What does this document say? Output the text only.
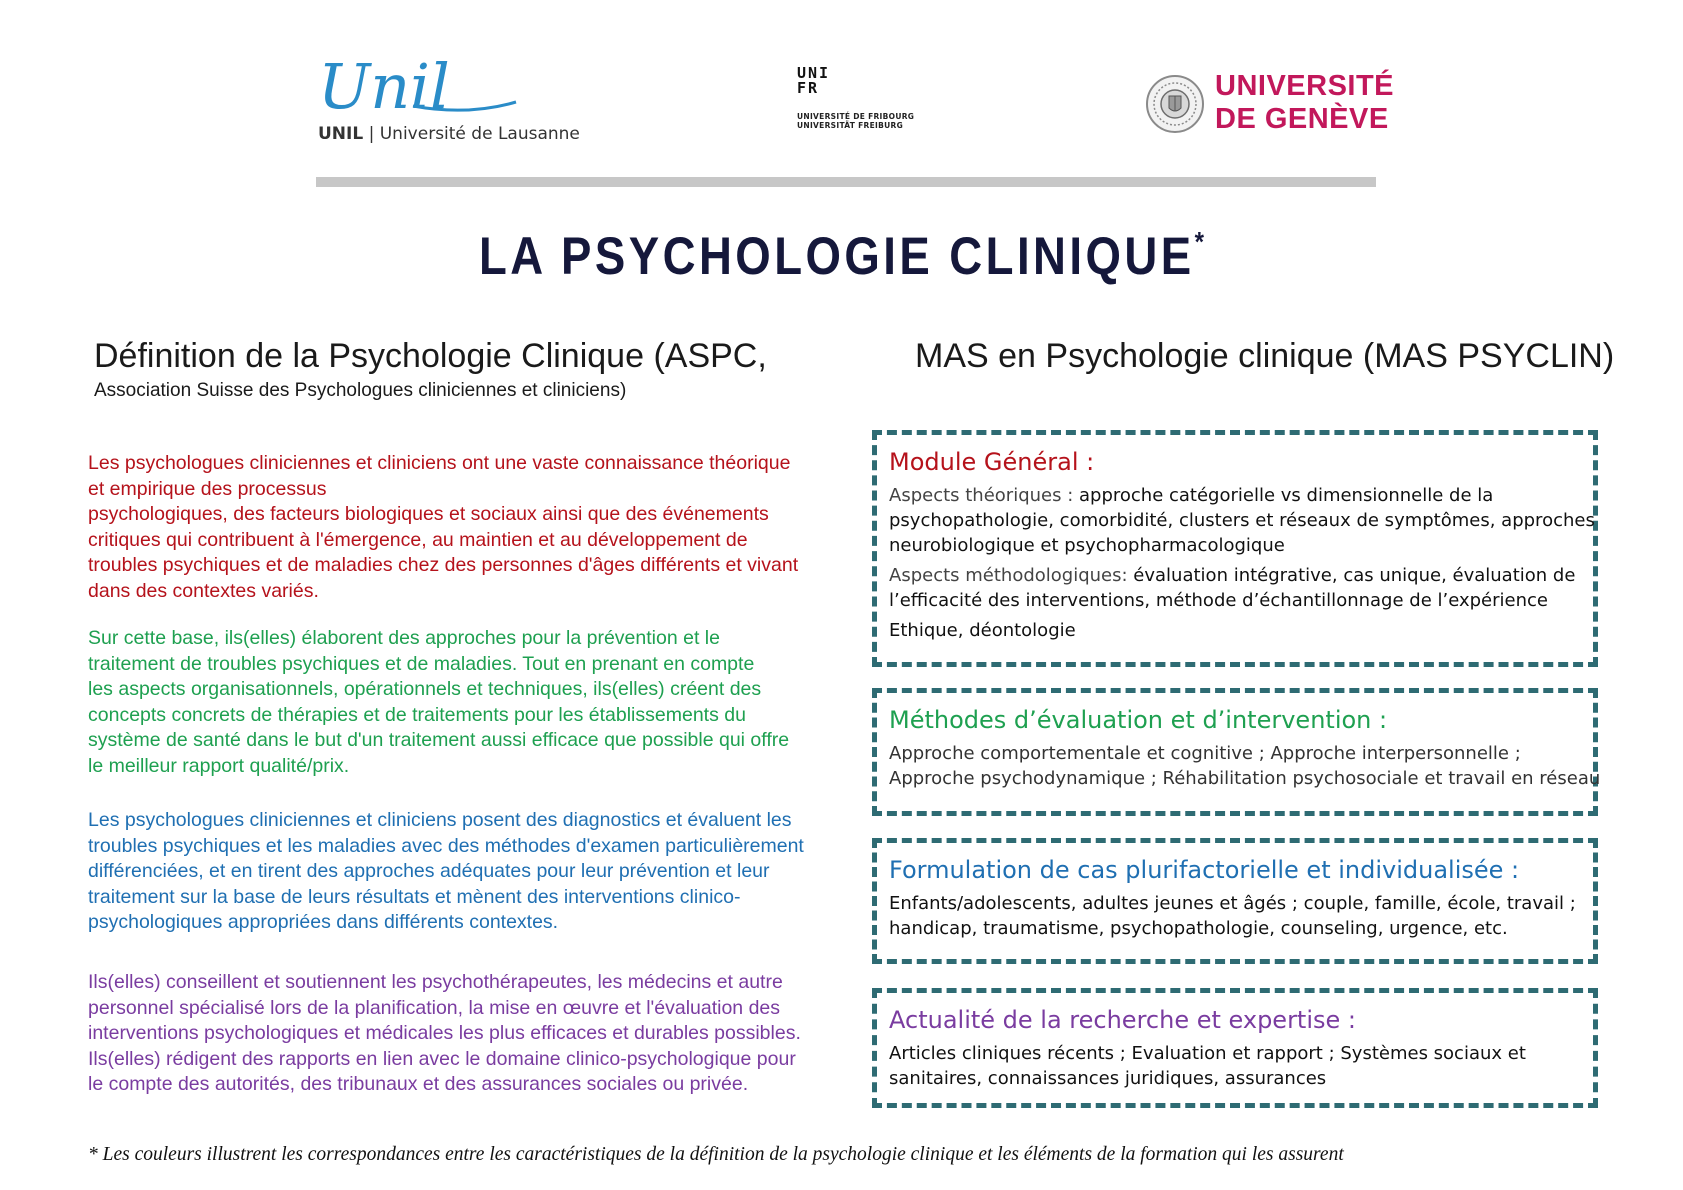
Unil
UNIL | Université de Lausanne
UNI
FR
UNIVERSITÉ DE FRIBOURG
UNIVERSITÄT FREIBURG
UNIVERSITÉ
DE GENÈVE
LA PSYCHOLOGIE CLINIQUE*
Définition de la Psychologie Clinique (ASPC,
Association Suisse des Psychologues cliniciennes et cliniciens)
Les psychologues cliniciennes et cliniciens ont une vaste connaissance théorique
et empirique des processus
psychologiques, des facteurs biologiques et sociaux ainsi que des événements
critiques qui contribuent à l'émergence, au maintien et au développement de
troubles psychiques et de maladies chez des personnes d'âges différents et vivant
dans des contextes variés.
Sur cette base, ils(elles) élaborent des approches pour la prévention et le
traitement de troubles psychiques et de maladies. Tout en prenant en compte
les aspects organisationnels, opérationnels et techniques, ils(elles) créent des
concepts concrets de thérapies et de traitements pour les établissements du
système de santé dans le but d'un traitement aussi efficace que possible qui offre
le meilleur rapport qualité/prix.
Les psychologues cliniciennes et cliniciens posent des diagnostics et évaluent les
troubles psychiques et les maladies avec des méthodes d'examen particulièrement
différenciées, et en tirent des approches adéquates pour leur prévention et leur
traitement sur la base de leurs résultats et mènent des interventions clinico-
psychologiques appropriées dans différents contextes.
Ils(elles) conseillent et soutiennent les psychothérapeutes, les médecins et autre
personnel spécialisé lors de la planification, la mise en œuvre et l'évaluation des
interventions psychologiques et médicales les plus efficaces et durables possibles.
Ils(elles) rédigent des rapports en lien avec le domaine clinico-psychologique pour
le compte des autorités, des tribunaux et des assurances sociales ou privée.
MAS en Psychologie clinique (MAS PSYCLIN)
Module Général :
Aspects théoriques : approche catégorielle vs dimensionnelle de la
psychopathologie, comorbidité, clusters et réseaux de symptômes, approches
neurobiologique et psychopharmacologique
Aspects méthodologiques: évaluation intégrative, cas unique, évaluation de
l’efficacité des interventions, méthode d’échantillonnage de l’expérience
Ethique, déontologie
Méthodes d’évaluation et d’intervention :
Approche comportementale et cognitive ; Approche interpersonnelle ;
Approche psychodynamique ; Réhabilitation psychosociale et travail en réseau
Formulation de cas plurifactorielle et individualisée :
Enfants/adolescents, adultes jeunes et âgés ; couple, famille, école, travail ;
handicap, traumatisme, psychopathologie, counseling, urgence, etc.
Actualité de la recherche et expertise :
Articles cliniques récents ; Evaluation et rapport ; Systèmes sociaux et
sanitaires, connaissances juridiques, assurances
* Les couleurs illustrent les correspondances entre les caractéristiques de la définition de la psychologie clinique et les éléments de la formation qui les assurent
